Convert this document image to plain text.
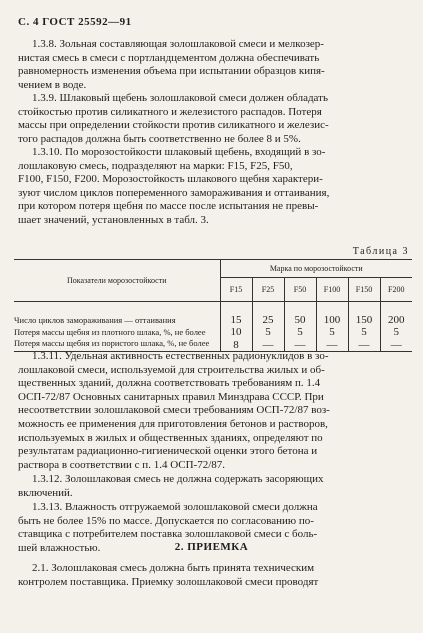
С. 4 ГОСТ 25592—91
1.3.8. Зольная составляющая золошлаковой смеси и мелкозер-
нистая смесь в смеси с портландцементом должна обеспечивать
равномерность изменения объема при испытании образцов кипя-
чением в воде.
1.3.9. Шлаковый щебень золошлаковой смеси должен обладать
стойкостью против силикатного и железистого распадов. Потеря
массы при определении стойкости против силикатного и железис-
того распадов должна быть соответственно не более 8 и 5%.
1.3.10. По морозостойкости шлаковый щебень, входящий в зо-
лошлаковую смесь, подразделяют на марки: F15, F25, F50,
F100, F150, F200. Морозостойкость шлакового щебня характери-
зуют числом циклов попеременного замораживания и оттаивания,
при котором потеря щебня по массе после испытания не превы-
шает значений, установленных в табл. 3.
Таблица 3
Показатели морозостойкости	Марка по морозостойкости					
	F15	F25	F50	F100	F150	F200
Число циклов замораживания — оттаивания	15	25	50	100	150	200
Потеря массы щебня из плотного шлака, %, не более	10	5	5	5	5	5
Потеря массы щебня из пористого шлака, %, не более	8	—	—	—	—	—
1.3.11. Удельная активность естественных радионуклидов в зо-
лошлаковой смеси, используемой для строительства жилых и об-
щественных зданий, должна соответствовать требованиям п. 1.4
ОСП-72/87 Основных санитарных правил Минздрава СССР. При
несоответствии золошлаковой смеси требованиям ОСП-72/87 воз-
можность ее применения для приготовления бетонов и растворов,
используемых в жилых и общественных зданиях, определяют по
результатам радиационно-гигиенической оценки этого бетона и
раствора в соответствии с п. 1.4 ОСП-72/87.
1.3.12. Золошлаковая смесь не должна содержать засоряющих
включений.
1.3.13. Влажность отгружаемой золошлаковой смеси должна
быть не более 15% по массе. Допускается по согласованию по-
ставщика с потребителем поставка золошлаковой смеси с боль-
шей влажностью.	2. ПРИЕМКА
2.1. Золошлаковая смесь должна быть принята техническим
контролем поставщика. Приемку золошлаковой смеси проводят
